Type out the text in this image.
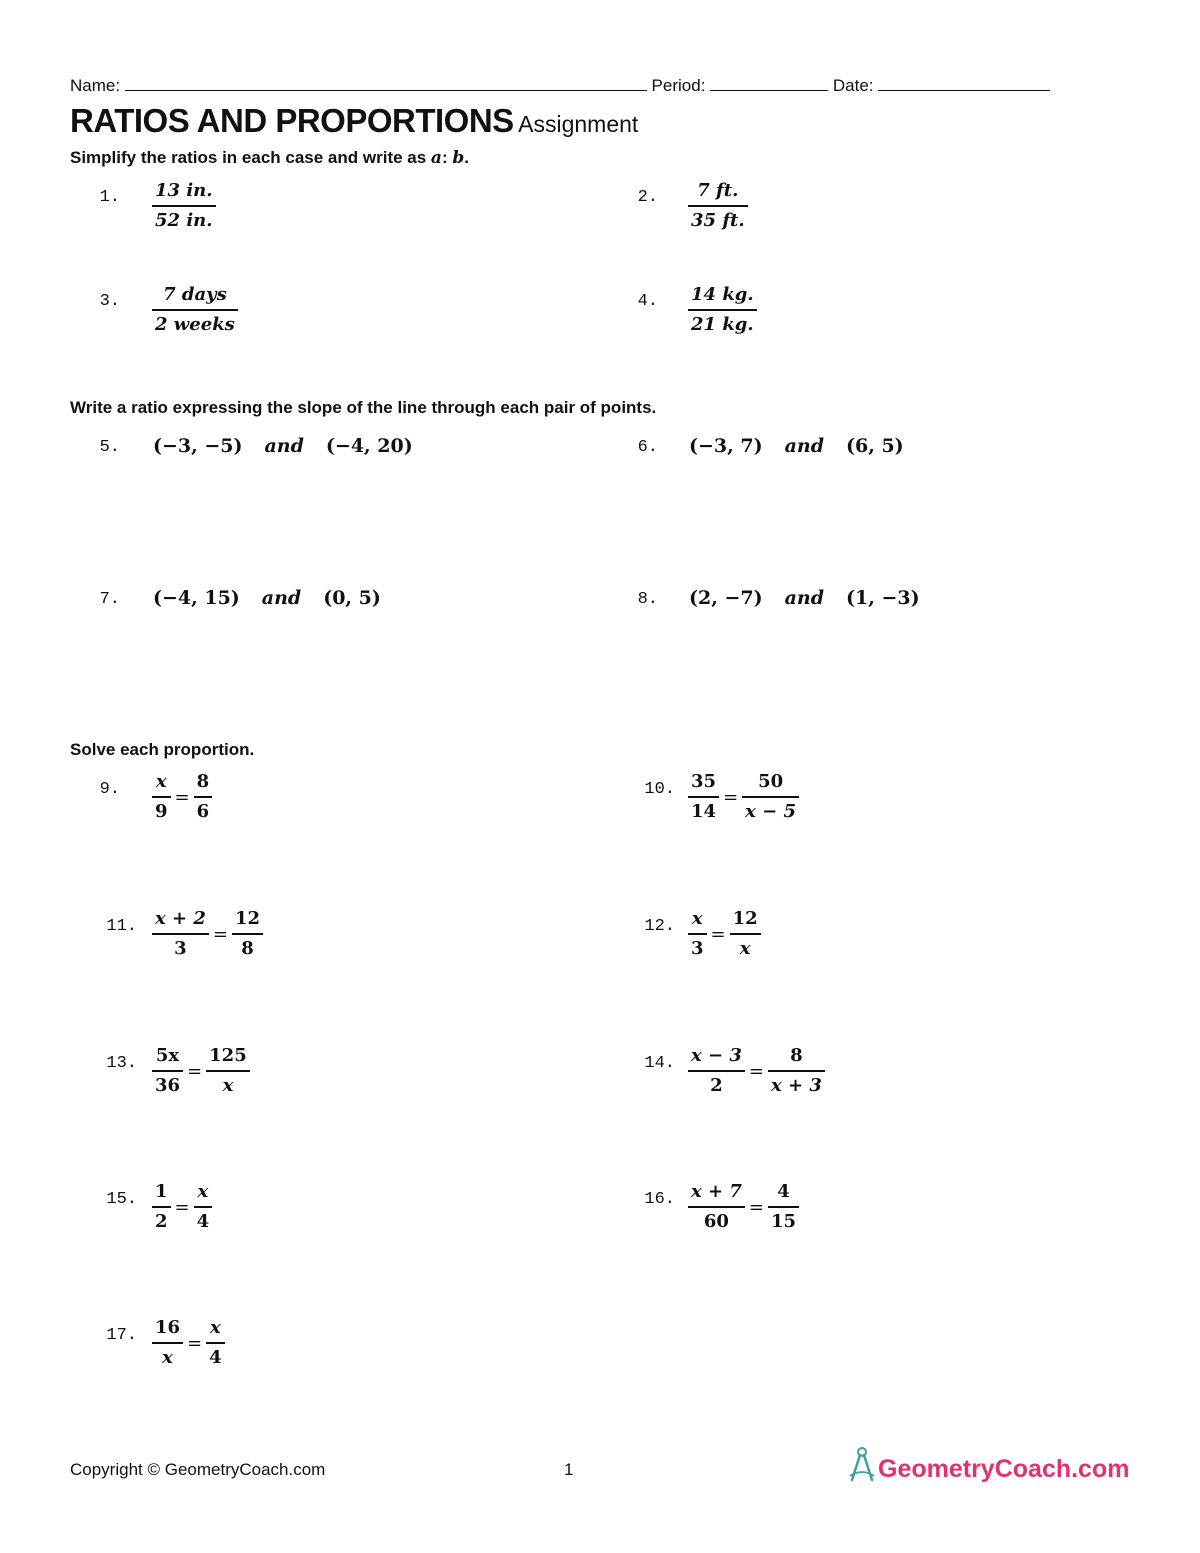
Name:	Period:	Date:
RATIOS AND PROPORTIONS Assignment
Simplify the ratios in each case and write as a: b.
1. $\frac{13 in.}{52 in.}$	2. $\frac{7 ft.}{35 ft.}$
3. $\frac{\text{7 days}}{\text{2 weeks}}$	4. $\frac{14 kg.}{21 kg.}$
Write a ratio expressing the slope of the line through each pair of points.
5. (−3, −5) and (−4, 20)	6. (−3, 7) and (6, 5)
7. (−4, 15) and (0, 5)	8. (2, −7) and (1, −3)
Solve each proportion.
9. $\frac{x}{9} = \frac{8}{6}$	10. $\frac{35}{14} = \frac{50}{x - 5}$
11. $\frac{x + 2}{3} = \frac{12}{8}$	12. $\frac{x}{3} = \frac{12}{x}$
13. $\frac{5x}{36} = \frac{125}{x}$	14. $\frac{x - 3}{2} = \frac{8}{x + 3}$
15. $\frac{1}{2} = \frac{x}{4}$	16. $\frac{x + 7}{60} = \frac{4}{15}$
17. $\frac{16}{x} = \frac{x}{4}$
Copyright © GeometryCoach.com	1	GeometryCoach.com
